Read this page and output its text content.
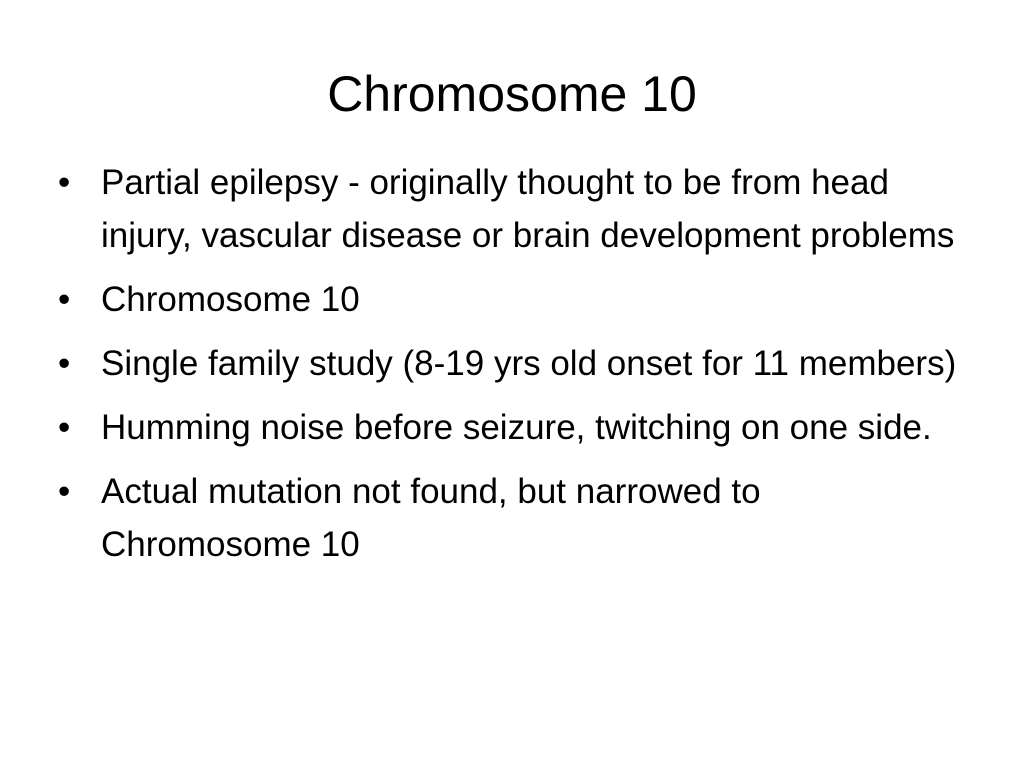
Chromosome 10
• Partial epilepsy - originally thought to be from head injury, vascular disease or brain development problems
• Chromosome 10
• Single family study (8-19 yrs old onset for 11 members)
• Humming noise before seizure, twitching on one side.
• Actual mutation not found, but narrowed to Chromosome 10
